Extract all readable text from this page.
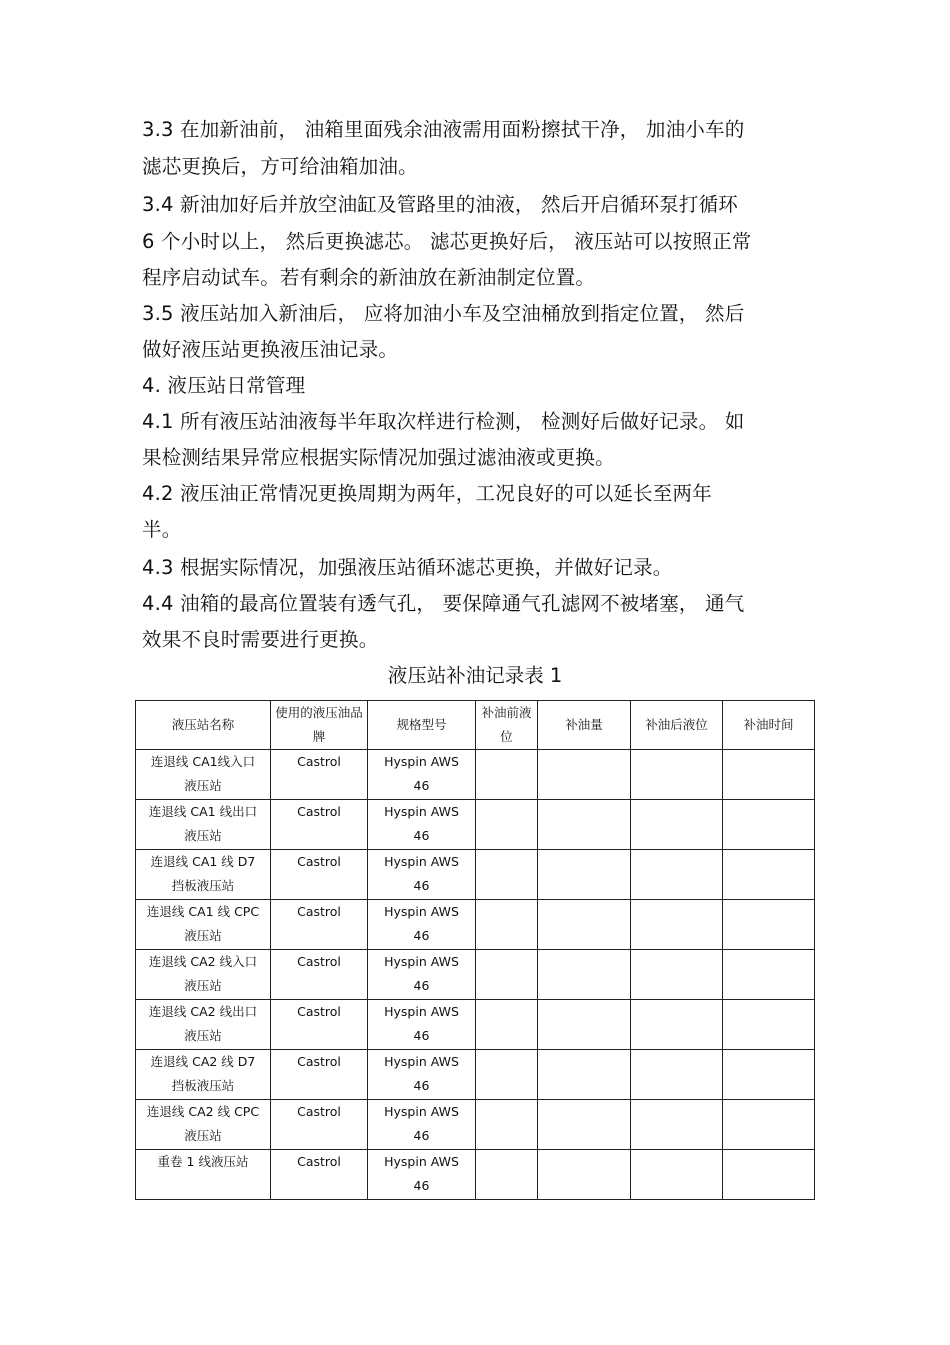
3.3 在加新油前， 油箱里面残余油液需用面粉擦拭干净， 加油小车的
滤芯更换后，方可给油箱加油。
3.4 新油加好后并放空油缸及管路里的油液， 然后开启循环泵打循环
6 个小时以上， 然后更换滤芯。 滤芯更换好后， 液压站可以按照正常
程序启动试车。若有剩余的新油放在新油制定位置。
3.5 液压站加入新油后， 应将加油小车及空油桶放到指定位置， 然后
做好液压站更换液压油记录。
4. 液压站日常管理
4.1 所有液压站油液每半年取次样进行检测， 检测好后做好记录。 如
果检测结果异常应根据实际情况加强过滤油液或更换。
4.2 液压油正常情况更换周期为两年，工况良好的可以延长至两年
半。
4.3 根据实际情况，加强液压站循环滤芯更换，并做好记录。
4.4 油箱的最高位置装有透气孔， 要保障通气孔滤网不被堵塞， 通气
效果不良时需要进行更换。
液压站补油记录表 1
液压站名称	使用的液压油品牌	规格型号	补油前液位	补油量	补油后液位	补油时间

连退线 CA1线入口
液压站	Castrol	Hyspin AWS
46				

连退线 CA1 线出口
液压站	Castrol	Hyspin AWS
46				

连退线 CA1 线 D7
挡板液压站	Castrol	Hyspin AWS
46				

连退线 CA1 线 CPC
液压站	Castrol	Hyspin AWS
46				

连退线 CA2 线入口
液压站	Castrol	Hyspin AWS
46				

连退线 CA2 线出口
液压站	Castrol	Hyspin AWS
46				

连退线 CA2 线 D7
挡板液压站	Castrol	Hyspin AWS
46				

连退线 CA2 线 CPC
液压站	Castrol	Hyspin AWS
46				

重卷 1 线液压站	Castrol	Hyspin AWS
46				
